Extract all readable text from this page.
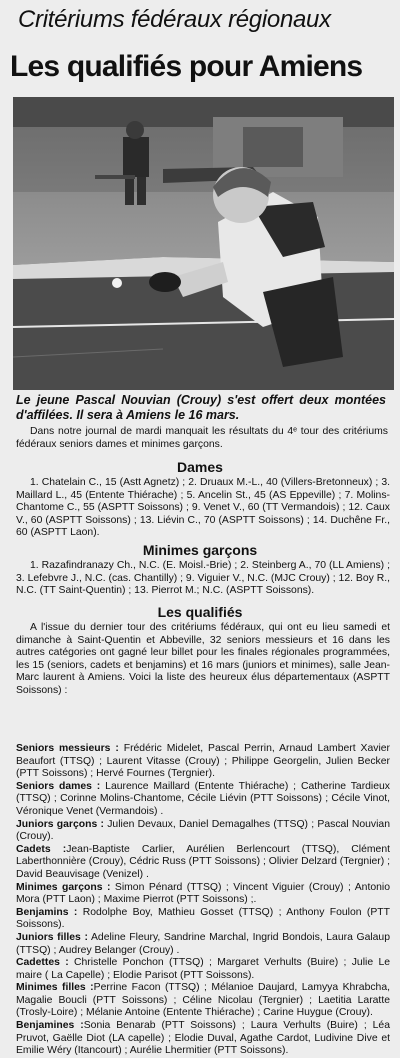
Critériums fédéraux régionaux
Les qualifiés pour Amiens
Le jeune Pascal Nouvian (Crouy) s'est offert deux montées d'affilées. Il sera à Amiens le 16 mars.
Dans notre journal de mardi manquait les résultats du 4ᵉ tour des critériums fédéraux seniors dames et minimes garçons.
Dames
1. Chatelain C., 15 (Astt Agnetz) ; 2. Druaux M.-L., 40 (Villers-Bretonneux) ; 3. Maillard L., 45 (Entente Thiérache) ; 5. Ancelin St., 45 (AS Eppeville) ; 7. Molins-Chantome C., 55 (ASPTT Soissons) ; 9. Venet V., 60 (TT Vermandois) ; 12. Caux V., 60 (ASPTT Soissons) ; 13. Liévin C., 70 (ASPTT Soissons) ; 14. Duchêne Fr., 60 (ASPTT Laon).
Minimes garçons
1. Razafindranazy Ch., N.C. (E. Moisl.-Brie) ; 2. Steinberg A., 70 (LL Amiens) ; 3. Lefebvre J., N.C. (cas. Chantilly) ; 9. Viguier V., N.C. (MJC Crouy) ; 12. Boy R., N.C. (TT Saint-Quentin) ; 13. Pierrot M.; N.C. (ASPTT Soissons).
Les qualifiés
A l'issue du dernier tour des critériums fédéraux, qui ont eu lieu samedi et dimanche à Saint-Quentin et Abbeville, 32 seniors messieurs et 16 dans les autres catégories ont gagné leur billet pour les finales régionales programmées, les 15 (seniors, cadets et benjamins) et 16 mars (juniors et minimes), salle Jean-Marc laurent à Amiens. Voici la liste des heureux élus départementaux (ASPTT Soissons) :

Seniors messieurs : Frédéric Midelet, Pascal Perrin, Arnaud Lambert Xavier Beaufort (TTSQ) ; Laurent Vitasse (Crouy) ; Philippe Georgelin, Julien Becker (PTT Soissons) ; Hervé Fournes (Tergnier).

Seniors dames : Laurence Maillard (Entente Thiérache) ; Catherine Tardieux (TTSQ) ; Corinne Molins-Chantome, Cécile Liévin (PTT Soissons) ; Cécile Vinot, Véronique Venet (Vermandois) .

Juniors garçons : Julien Devaux, Daniel Demagalhes (TTSQ) ; Pascal Nouvian (Crouy).

Cadets :Jean-Baptiste Carlier, Aurélien Berlencourt (TTSQ), Clément Laberthonnière (Crouy), Cédric Russ (PTT Soissons) ; Olivier Delzard (Tergnier) ; David Beauvisage (Venizel) .

Minimes garçons : Simon Pénard (TTSQ) ; Vincent Viguier (Crouy) ; Antonio Mora (PTT Laon) ; Maxime Pierrot (PTT Soissons) ;.

Benjamins : Rodolphe Boy, Mathieu Gosset (TTSQ) ; Anthony Foulon (PTT Soissons).

Juniors filles : Adeline Fleury, Sandrine Marchal, Ingrid Bondois, Laura Galaup (TTSQ) ; Audrey Belanger (Crouy) .

Cadettes : Christelle Ponchon (TTSQ) ; Margaret Verhults (Buire) ; Julie Le maire ( La Capelle) ; Elodie Parisot (PTT Soissons).

Minimes filles :Perrine Facon (TTSQ) ; Mélanioe Daujard, Lamyya Khrabcha, Magalie Boucli (PTT Soissons) ; Céline Nicolau (Tergnier) ; Laetitia Laratte (Trosly-Loire) ; Mélanie Antoine (Entente Thiérache) ; Carine Huygue (Crouy).

Benjamines :Sonia Benarab (PTT Soissons) ; Laura Verhults (Buire) ; Léa Pruvot, Gaëlle Diot (LA capelle) ; Elodie Duval, Agathe Cardot, Ludivine Dive et Emilie Wéry (Itancourt) ; Aurélie Lhermitier (PTT Soissons).
